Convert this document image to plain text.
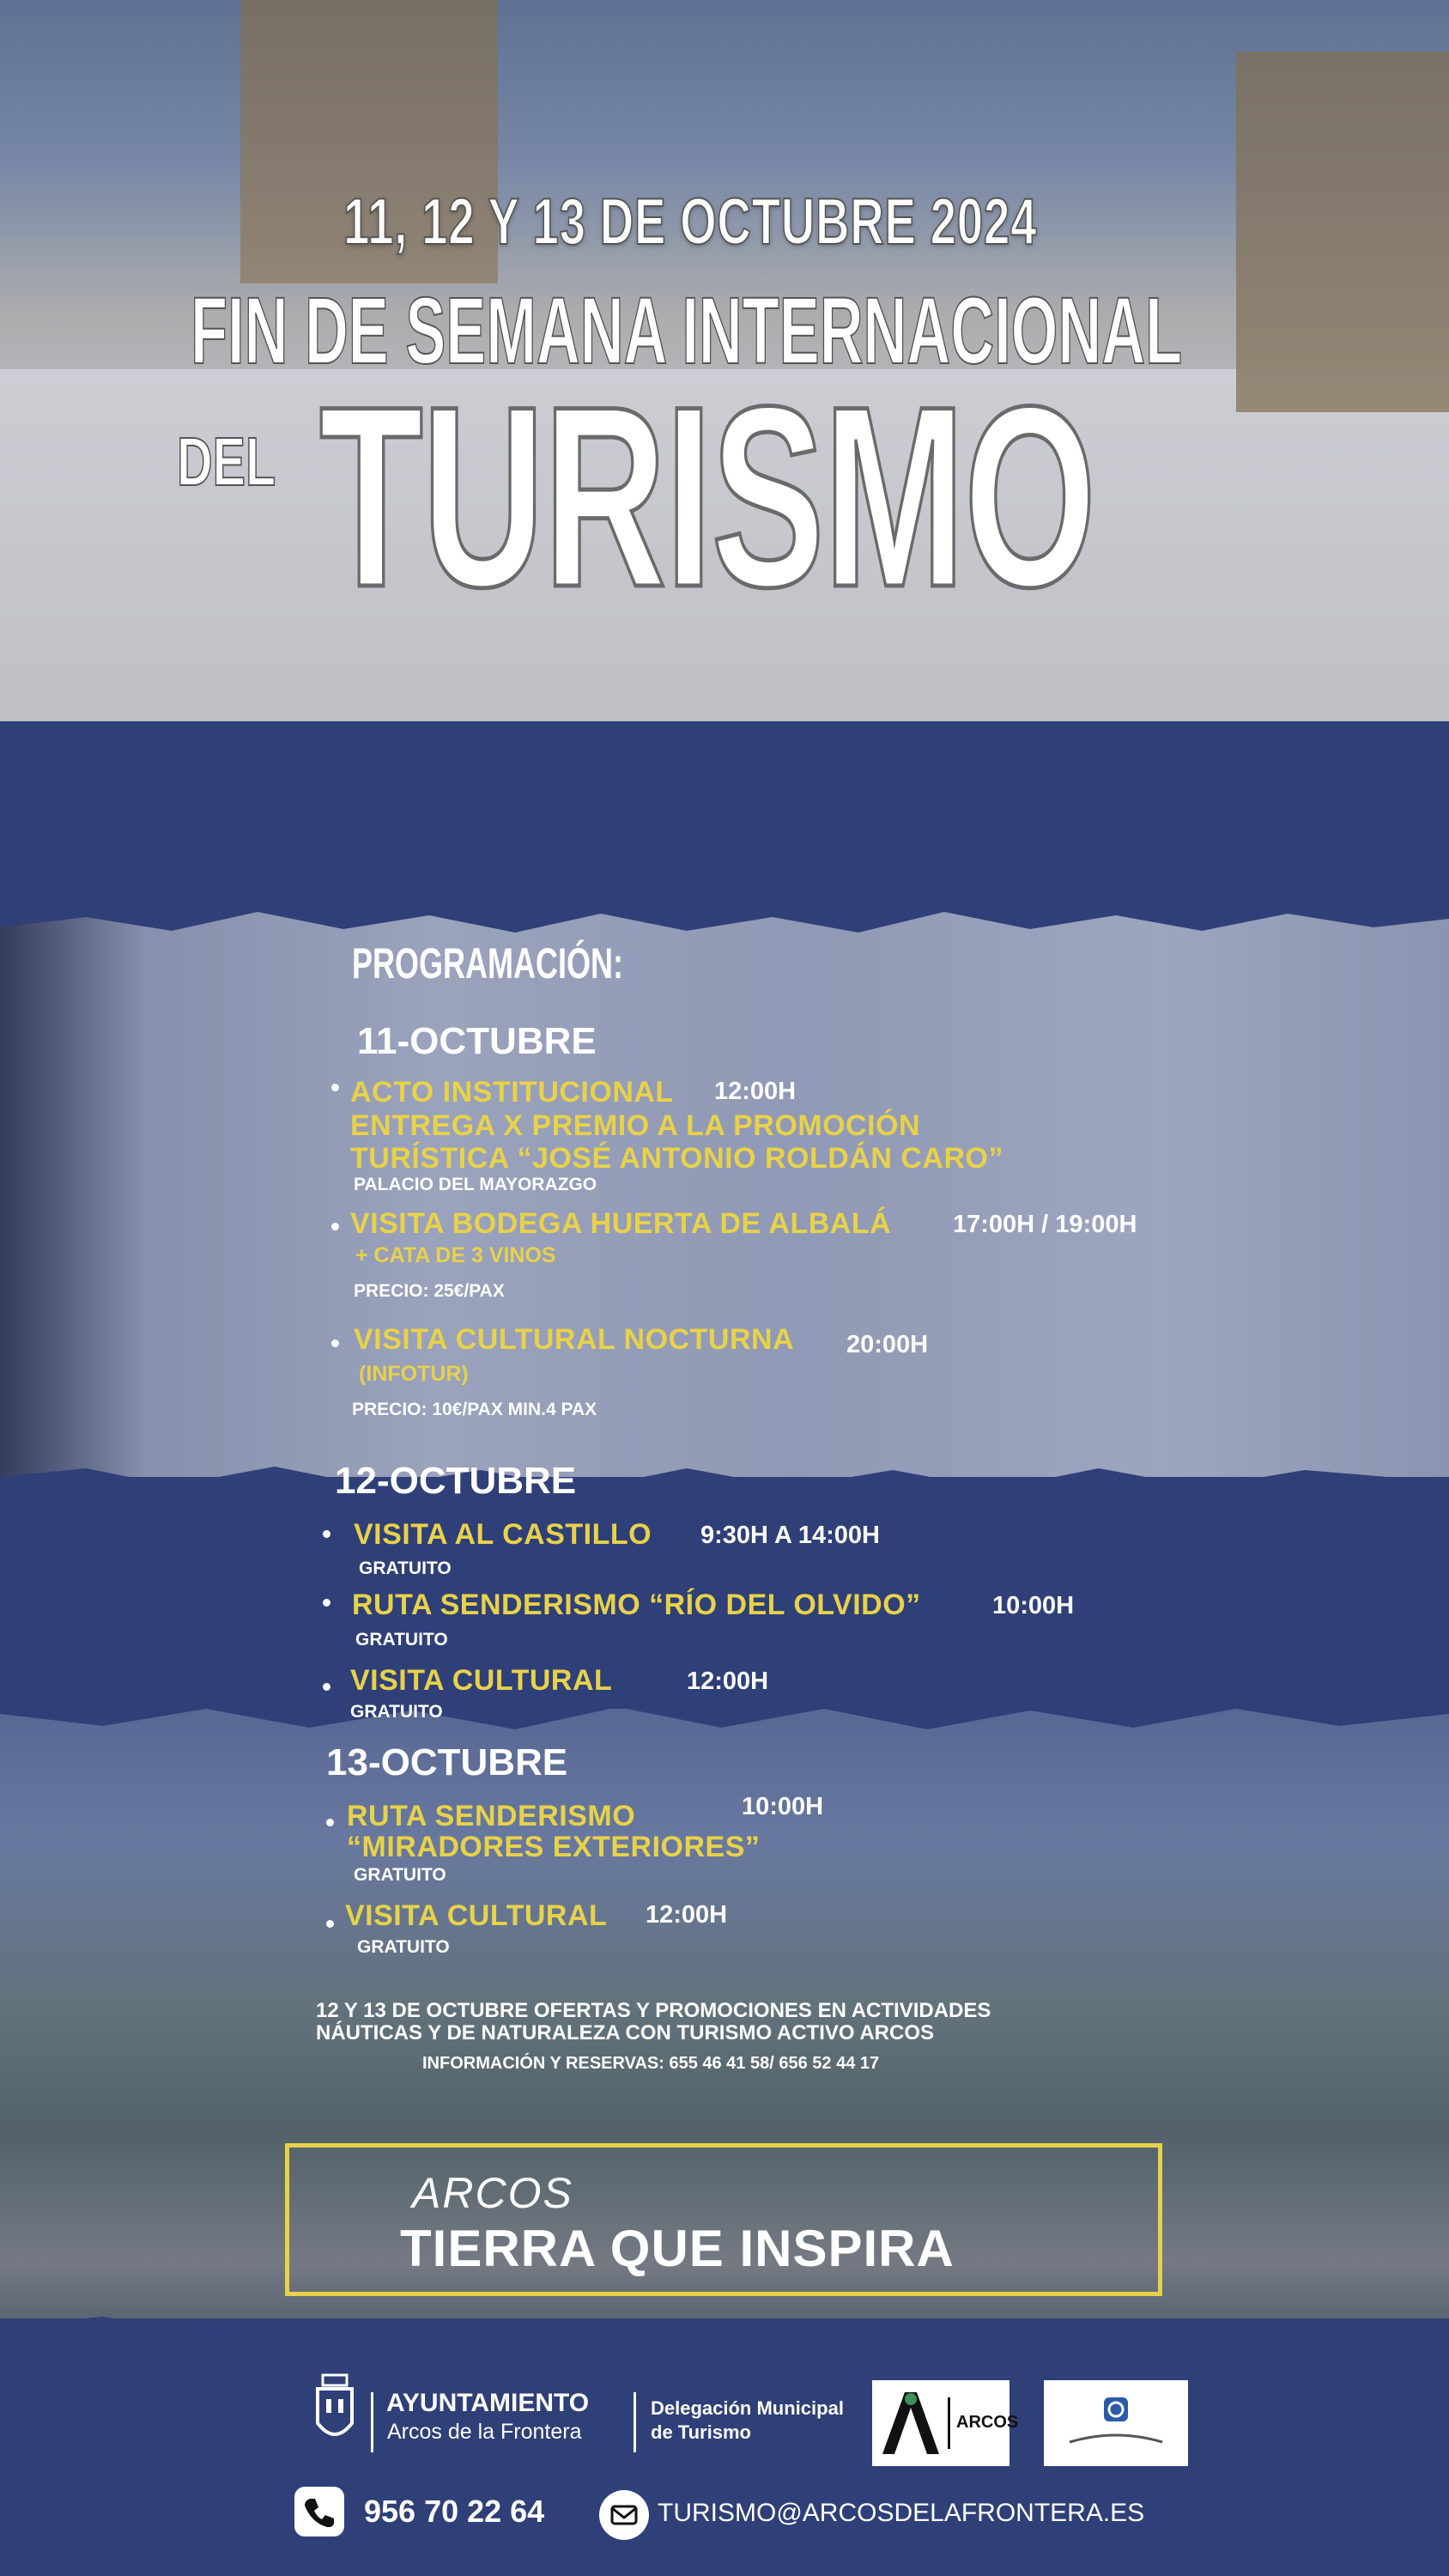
11, 12 Y 13 DE OCTUBRE 2024
FIN DE SEMANA INTERNACIONAL
DEL TURISMO
PROGRAMACIÓN:
11-OCTUBRE
ACTO INSTITUCIONAL 12:00H
ENTREGA X PREMIO A LA PROMOCIÓN
TURÍSTICA “JOSÉ ANTONIO ROLDÁN CARO”
PALACIO DEL MAYORAZGO
VISITA BODEGA HUERTA DE ALBALÁ 17:00H / 19:00H
+ CATA DE 3 VINOS
PRECIO: 25€/PAX
VISITA CULTURAL NOCTURNA 20:00H
(INFOTUR)
PRECIO: 10€/PAX MIN.4 PAX
12-OCTUBRE
VISITA AL CASTILLO 9:30H A 14:00H
GRATUITO
RUTA SENDERISMO “RÍO DEL OLVIDO”	10:00H
GRATUITO
VISITA CULTURAL	12:00H
GRATUITO
13-OCTUBRE
RUTA SENDERISMO	10:00H
“MIRADORES EXTERIORES”
GRATUITO
VISITA CULTURAL 12:00H
GRATUITO
12 Y 13 DE OCTUBRE OFERTAS Y PROMOCIONES EN ACTIVIDADES
NÁUTICAS Y DE NATURALEZA CON TURISMO ACTIVO ARCOS
INFORMACIÓN Y RESERVAS: 655 46 41 58/ 656 52 44 17
ARCOS
TIERRA QUE INSPIRA
AYUNTAMIENTO
Arcos de la Frontera
Delegación Municipal
de Turismo	ARCOS
956 70 22 64	TURISMO@ARCOSDELAFRONTERA.ES
